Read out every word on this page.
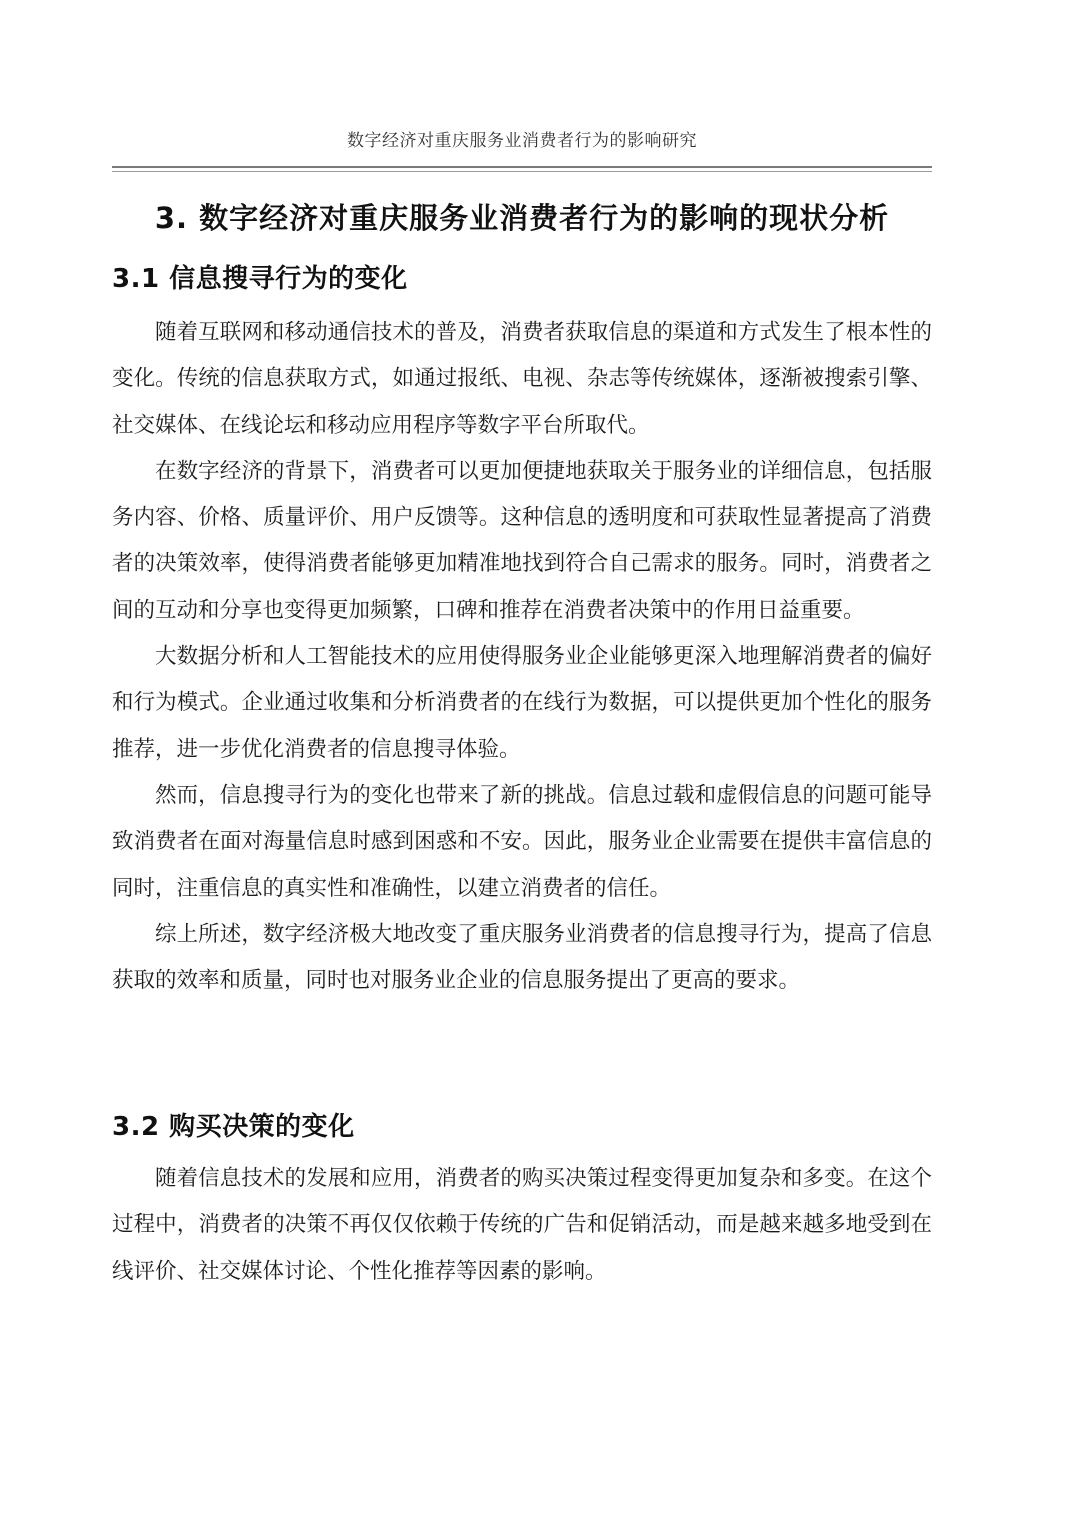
数字经济对重庆服务业消费者行为的影响研究
3. 数字经济对重庆服务业消费者行为的影响的现状分析
3.1 信息搜寻行为的变化

随着互联网和移动通信技术的普及，消费者获取信息的渠道和方式发生了根本性的变化。传统的信息获取方式，如通过报纸、电视、杂志等传统媒体，逐渐被搜索引擎、社交媒体、在线论坛和移动应用程序等数字平台所取代。

在数字经济的背景下，消费者可以更加便捷地获取关于服务业的详细信息，包括服务内容、价格、质量评价、用户反馈等。这种信息的透明度和可获取性显著提高了消费者的决策效率，使得消费者能够更加精准地找到符合自己需求的服务。同时，消费者之间的互动和分享也变得更加频繁，口碑和推荐在消费者决策中的作用日益重要。

大数据分析和人工智能技术的应用使得服务业企业能够更深入地理解消费者的偏好和行为模式。企业通过收集和分析消费者的在线行为数据，可以提供更加个性化的服务推荐，进一步优化消费者的信息搜寻体验。

然而，信息搜寻行为的变化也带来了新的挑战。信息过载和虚假信息的问题可能导致消费者在面对海量信息时感到困惑和不安。因此，服务业企业需要在提供丰富信息的同时，注重信息的真实性和准确性，以建立消费者的信任。

综上所述，数字经济极大地改变了重庆服务业消费者的信息搜寻行为，提高了信息获取的效率和质量，同时也对服务业企业的信息服务提出了更高的要求。

3.2 购买决策的变化

随着信息技术的发展和应用，消费者的购买决策过程变得更加复杂和多变。在这个过程中，消费者的决策不再仅仅依赖于传统的广告和促销活动，而是越来越多地受到在线评价、社交媒体讨论、个性化推荐等因素的影响。
